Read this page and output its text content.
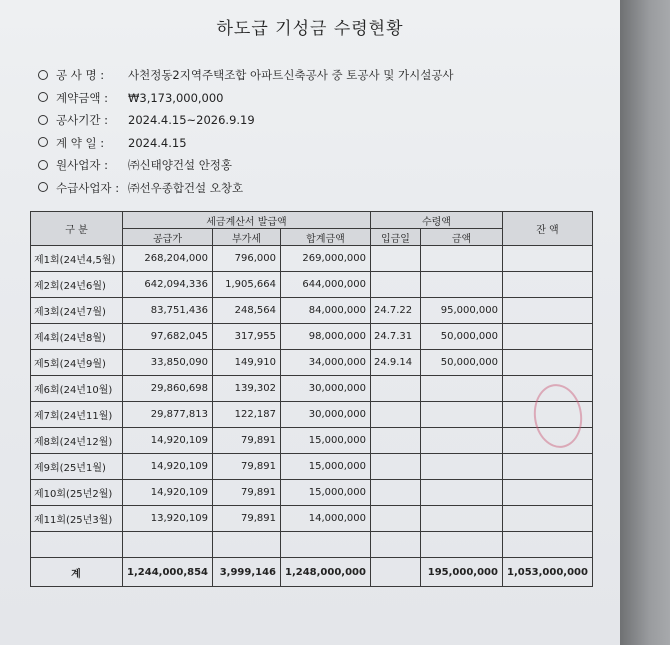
하도급 기성금 수령현황
공 사 명 : 사천정동2지역주택조합 아파트신축공사 중 토공사 및 가시설공사
계약금액 : ₩3,173,000,000
공사기간 : 2024.4.15~2026.9.19
계 약 일 : 2024.4.15
원사업자 : ㈜신태양건설 안정홍
수급사업자 : ㈜선우종합건설 오창호
구 분	세금계산서 발급액			수령액		잔 액
	공급가	부가세	합계금액	입금일	금액	
제1회(24년4,5월)	268,204,000	796,000	269,000,000			
제2회(24년6월)	642,094,336	1,905,664	644,000,000			
제3회(24년7월)	83,751,436	248,564	84,000,000	24.7.22	95,000,000	
제4회(24년8월)	97,682,045	317,955	98,000,000	24.7.31	50,000,000	
제5회(24년9월)	33,850,090	149,910	34,000,000	24.9.14	50,000,000	
제6회(24년10월)	29,860,698	139,302	30,000,000			
제7회(24년11월)	29,877,813	122,187	30,000,000			
제8회(24년12월)	14,920,109	79,891	15,000,000			
제9회(25년1월)	14,920,109	79,891	15,000,000			
제10회(25년2월)	14,920,109	79,891	15,000,000			
제11회(25년3월)	13,920,109	79,891	14,000,000			

계	1,244,000,854	3,999,146	1,248,000,000		195,000,000	1,053,000,000
